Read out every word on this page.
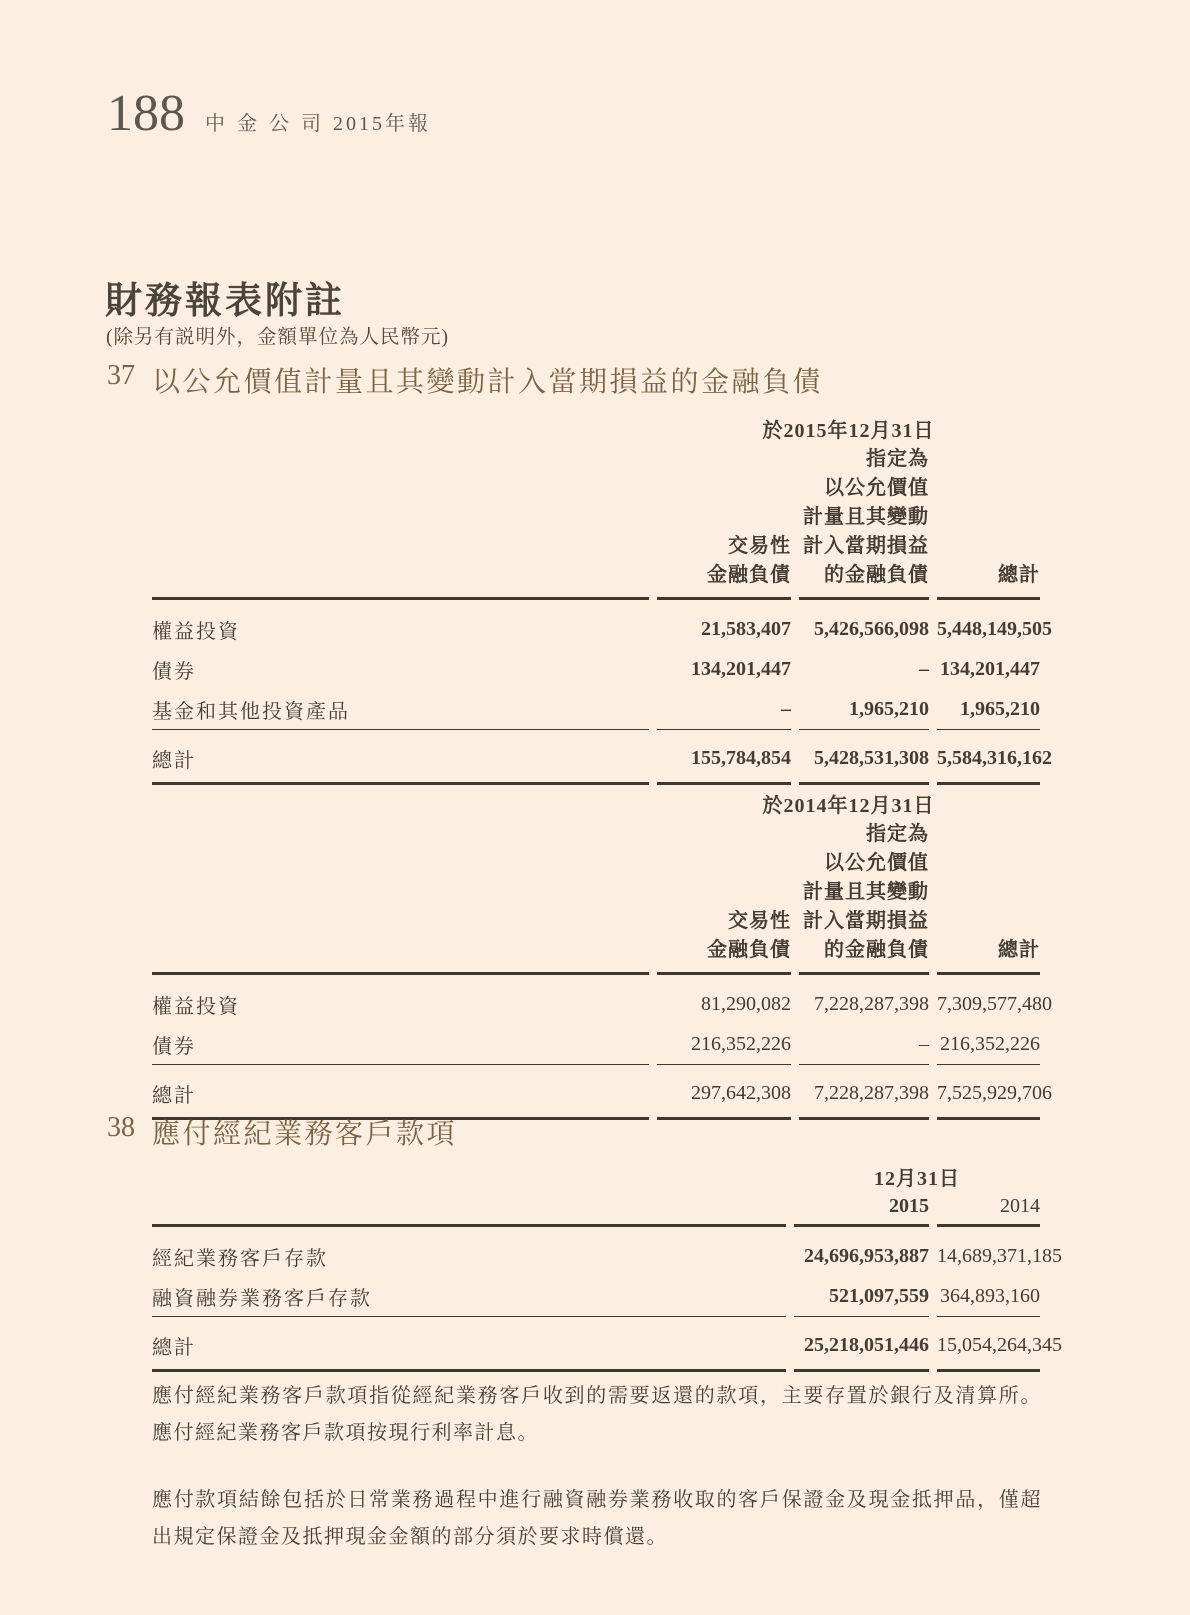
188 中金公司 2015年報
財務報表附註
(除另有説明外，金額單位為人民幣元)
37 以公允價值計量且其變動計入當期損益的金融負債
	於2015年12月31日		

交易性
金融負債

指定為
以公允價值
計量且其變動
計入當期損益
的金融負債	總計
權益投資	21,583,407	5,426,566,098	5,448,149,505
債券	134,201,447	–	134,201,447
基金和其他投資產品	–	1,965,210	1,965,210
總計	155,784,854	5,428,531,308	5,584,316,162
	於2014年12月31日		

交易性
金融負債

指定為
以公允價值
計量且其變動
計入當期損益
的金融負債	總計
權益投資	81,290,082	7,228,287,398	7,309,577,480
債券	216,352,226	–	216,352,226
總計	297,642,308	7,228,287,398	7,525,929,706
38 應付經紀業務客戶款項
	12月31日	
	2015	2014
經紀業務客戶存款	24,696,953,887	14,689,371,185
融資融券業務客戶存款	521,097,559	364,893,160
總計	25,218,051,446	15,054,264,345
應付經紀業務客戶款項指從經紀業務客戶收到的需要返還的款項，主要存置於銀行及清算所。應付經紀業務客戶款項按現行利率計息。
應付款項結餘包括於日常業務過程中進行融資融券業務收取的客戶保證金及現金抵押品，僅超出規定保證金及抵押現金金額的部分須於要求時償還。
